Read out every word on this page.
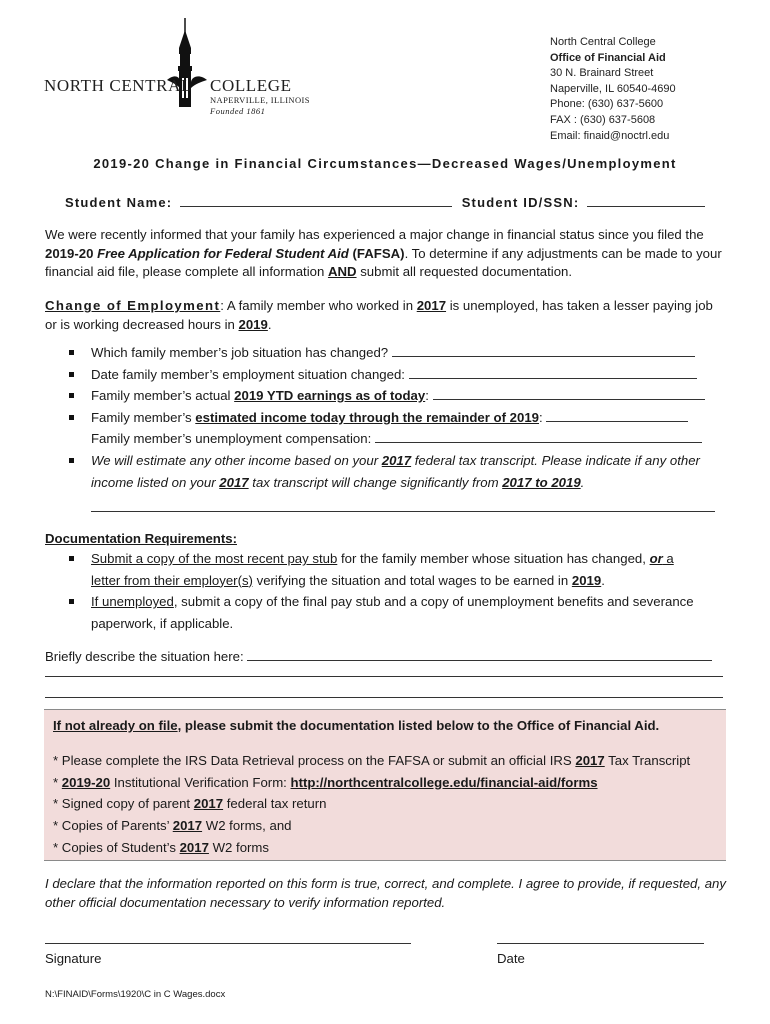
NORTH CENTRAL COLLEGE
NAPERVILLE, ILLINOIS
Founded 1861
North Central College
Office of Financial Aid
30 N. Brainard Street
Naperville, IL 60540-4690
Phone: (630) 637-5600
FAX : (630) 637-5608
Email: finaid@noctrl.edu
2019-20 Change in Financial Circumstances—Decreased Wages/Unemployment
Student Name:	Student ID/SSN:
We were recently informed that your family has experienced a major change in financial status since you filed the 2019-20 Free Application for Federal Student Aid (FAFSA). To determine if any adjustments can be made to your financial aid file, please complete all information AND submit all requested documentation.
Change of Employment: A family member who worked in 2017 is unemployed, has taken a lesser paying job or is working decreased hours in 2019.
Which family member’s job situation has changed?
Date family member’s employment situation changed:
Family member’s actual 2019 YTD earnings as of today:
Family member’s estimated income today through the remainder of 2019:
Family member’s unemployment compensation:
We will estimate any other income based on your 2017 federal tax transcript. Please indicate if any other income listed on your 2017 tax transcript will change significantly from 2017 to 2019.
Documentation Requirements:
Submit a copy of the most recent pay stub for the family member whose situation has changed, or a
letter from their employer(s) verifying the situation and total wages to be earned in 2019.
If unemployed, submit a copy of the final pay stub and a copy of unemployment benefits and severance paperwork, if applicable.
Briefly describe the situation here:
If not already on file, please submit the documentation listed below to the Office of Financial Aid.
* Please complete the IRS Data Retrieval process on the FAFSA or submit an official IRS 2017 Tax Transcript
* 2019-20 Institutional Verification Form: http://northcentralcollege.edu/financial-aid/forms
* Signed copy of parent 2017 federal tax return
* Copies of Parents’ 2017 W2 forms, and
* Copies of Student’s 2017 W2 forms
I declare that the information reported on this form is true, correct, and complete. I agree to provide, if requested, any other official documentation necessary to verify information reported.
Signature	Date
N:\FINAID\Forms\1920\C in C Wages.docx
